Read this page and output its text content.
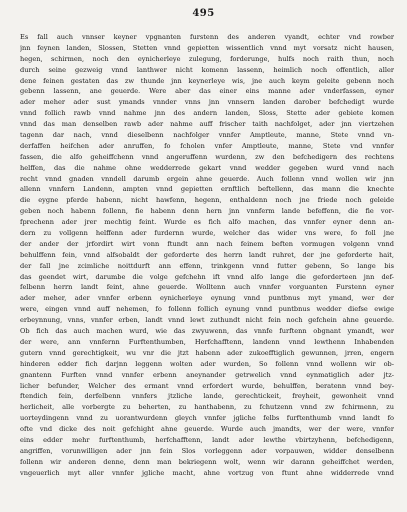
495
Es fall auch vnnser keyner vpgnanten furstenn des anderen vyandt, echter vnd rowber
jnn feynen landen, Slossen, Stetten vnnd gepietten wissentlich vnnd myt vorsatz nicht hausen,
hegen, schirmen, noch den eynicherleye zulegung, forderunge, hulfs noch raith thun, noch
durch seine gezweig vnnd lanthwer nicht komenn lassenn, heimlich noch offentlich, aller
dene feinen gestaten das zw thunde jnn keynerleye wis, jne auch keym geleite gebenn noch
gebenn lassenn, ane geuerde. Were aber das einer eins manne ader vnderfassen, eyner
ader meher ader sust ymands vnnder vnns jnn vnnsern landen darober befchedigt wurde
vnnd follich rawb vnnd nahme jnn des andern landen, Sloss, Stette ader gebiete komen
vnnd das man denselben rawb ader nahme auff frischer taith nachfolget, ader jnn viertzehen
tagenn dar nach, vnnd dieselbenn nachfolger vnnfer Amptleute, manne, Stete vnnd vn-
derfaffen heifchen ader anruffen, fo fcholen vnfer Amptleute, manne, Stete vnd vnnfer
fassen, die alfo geheiffchenn vnnd angeruffenn wurdenn, zw den befchedigern des rechtens
helffen, das die nahme ohne wedderrede gekart vnnd wedder gegeben wurd vnnd nach
recht vnnd gnaden vnndell darumb ergein ahne geuerde. Auch follenn vnnd wollen wir jnn
allenn vnnfern Landenn, ampten vnnd gepietten ernftlich beftellenn, das mann die knechte
die eygne pferde habenn, nicht hawfenn, hegenn, enthaldenn noch jne friede noch geleide
geben noch habenn follenn, fie habenn denn hern jnn vnnferm lande befeffenn, die fie vor-
fprechenn ader jrer mechtig feint. Wurde es fich alfo machen, das vnnfer eyner denn an-
dern zu vollgenn helffenn ader furdernn wurde, welcher das wider vns were, fo foll jne
der ander der jrfordirt wirt vonn ftundt ann nach feinem beften vormugen volgenn vnnd
behulffenn fein, vnnd alfsobaldt der geforderte des herrn landt ruhret, der jne geforderte hait,
der fall jne zcimliche noittdurft ann effenn, trinkgenn vnnd futter gebenn, So lange bis
das geendet wirt, darumbe die volge gefchehn ift vnnd alfo lange die geforderteen jnn def-
felbenn herrn landt feint, ahne geuerde. Wolltenn auch vnnfer vorguanten Furstenn eyner
ader meher, ader vnnfer erbenn eynicherleye eynung vnnd puntbnus myt ymand, wer der
were, eingen vnnd auff nehemen, fo follenn follich eynung vnnd puntbnus wedder diefse ewige
erbeynnung, vnns, vnnfer erben, landt vnnd lewt zuthundt nicht fein noch gefchein ahne geuerde.
Ob fich das auch machen wurd, wie das zwyuwenn, das vnnfe furftenn obgnant ymandt, wer
der were, ann vnnfernn Furftenthumben, Herfchafftenn, landenn vnnd lewthenn Inhabenden
gutern vnnd gerechtigkeit, wu vnr die jtzt habenn ader zukoefftiglich gewunnen, jrren, engern
hinderen edder fich darjnn leggenn wolten ader wurden, So follenn vnnd wollenn wir ob-
gnantenn Furften vnnd vnnfer erbenn aneynander getrwelich vnnd eynmatiglich ader jtz-
licher befunder, Welcher des ermant vnnd erfordert wurde, behulffen, beratenn vnnd bey-
ftendich fein, derfelbenn vnnfers jtzliche lande, gerechtickeit, freyheit, gewonheit vnnd
herlicheit, alle vorbergte zu beherten, zu hanthabenn, zu fchutzenn vnnd zw fchirmenn, zu
uorteydingenn vnnd zu uorantwurdenn gleych vnnfer jgliche felbs furftenthumb vnnd landt fo
ofte vnd dicke des noit gefchight ahne geuerde. Wurde auch jmandts, wer der were, vnnfer
eins edder mehr furftenthumb, herfchafftenn, landt ader lewthe vbirtzyhenn, befchedigenn,
angriffen, vorunwilligen ader jnn fein Slos vorleggenn ader vorpauwen, widder denselbenn
follenn wir anderen denne, denn man bekriegenn wolt, wenn wir darann geheiffchet werden,
vngeuerlich myt aller vnnfer jgliche macht, ahne vortzug von ftunt ahne widderrede vnnd
